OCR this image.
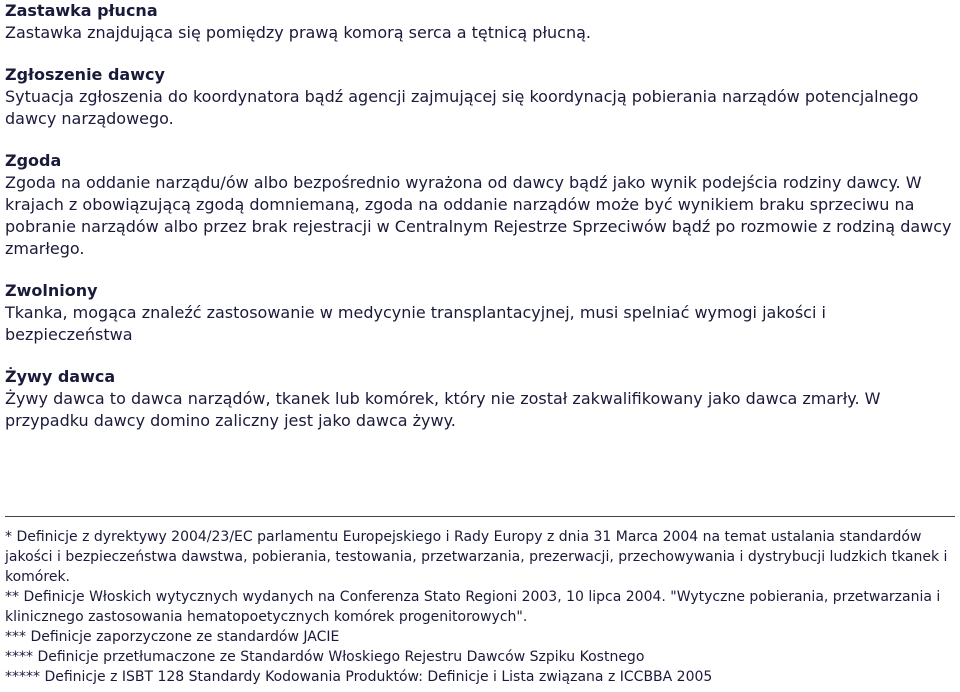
Zastawka płucna

Zastawka znajdująca się pomiędzy prawą komorą serca a tętnicą płucną.

Zgłoszenie dawcy

Sytuacja zgłoszenia do koordynatora bądź agencji zajmującej się koordynacją pobierania narządów potencjalnego dawcy narządowego.

Zgoda

Zgoda na oddanie narządu/ów albo bezpośrednio wyrażona od dawcy bądź jako wynik podejścia rodziny dawcy. W krajach z obowiązującą zgodą domniemaną, zgoda na oddanie narządów może być wynikiem braku sprzeciwu na pobranie narządów albo przez brak rejestracji w Centralnym Rejestrze Sprzeciwów bądź po rozmowie z rodziną dawcy zmarłego.

Zwolniony

Tkanka, mogąca znaleźć zastosowanie w medycynie transplantacyjnej, musi spelniać wymogi jakości i bezpieczeństwa

Żywy dawca

Żywy dawca to dawca narządów, tkanek lub komórek, który nie został zakwalifikowany jako dawca zmarły. W przypadku dawcy domino zaliczny jest jako dawca żywy.

* Definicje z dyrektywy 2004/23/EC parlamentu Europejskiego i Rady Europy z dnia 31 Marca 2004 na temat ustalania standardów jakości i bezpieczeństwa dawstwa, pobierania, testowania, przetwarzania, prezerwacji, przechowywania i dystrybucji ludzkich tkanek i komórek.

** Definicje Włoskich wytycznych wydanych na Conferenza Stato Regioni 2003, 10 lipca 2004. "Wytyczne pobierania, przetwarzania i klinicznego zastosowania hematopoetycznych komórek progenitorowych".

*** Definicje zaporzyczone ze standardów JACIE

**** Definicje przetłumaczone ze Standardów Włoskiego Rejestru Dawców Szpiku Kostnego

***** Definicje z ISBT 128 Standardy Kodowania Produktów: Definicje i Lista związana z ICCBBA 2005
